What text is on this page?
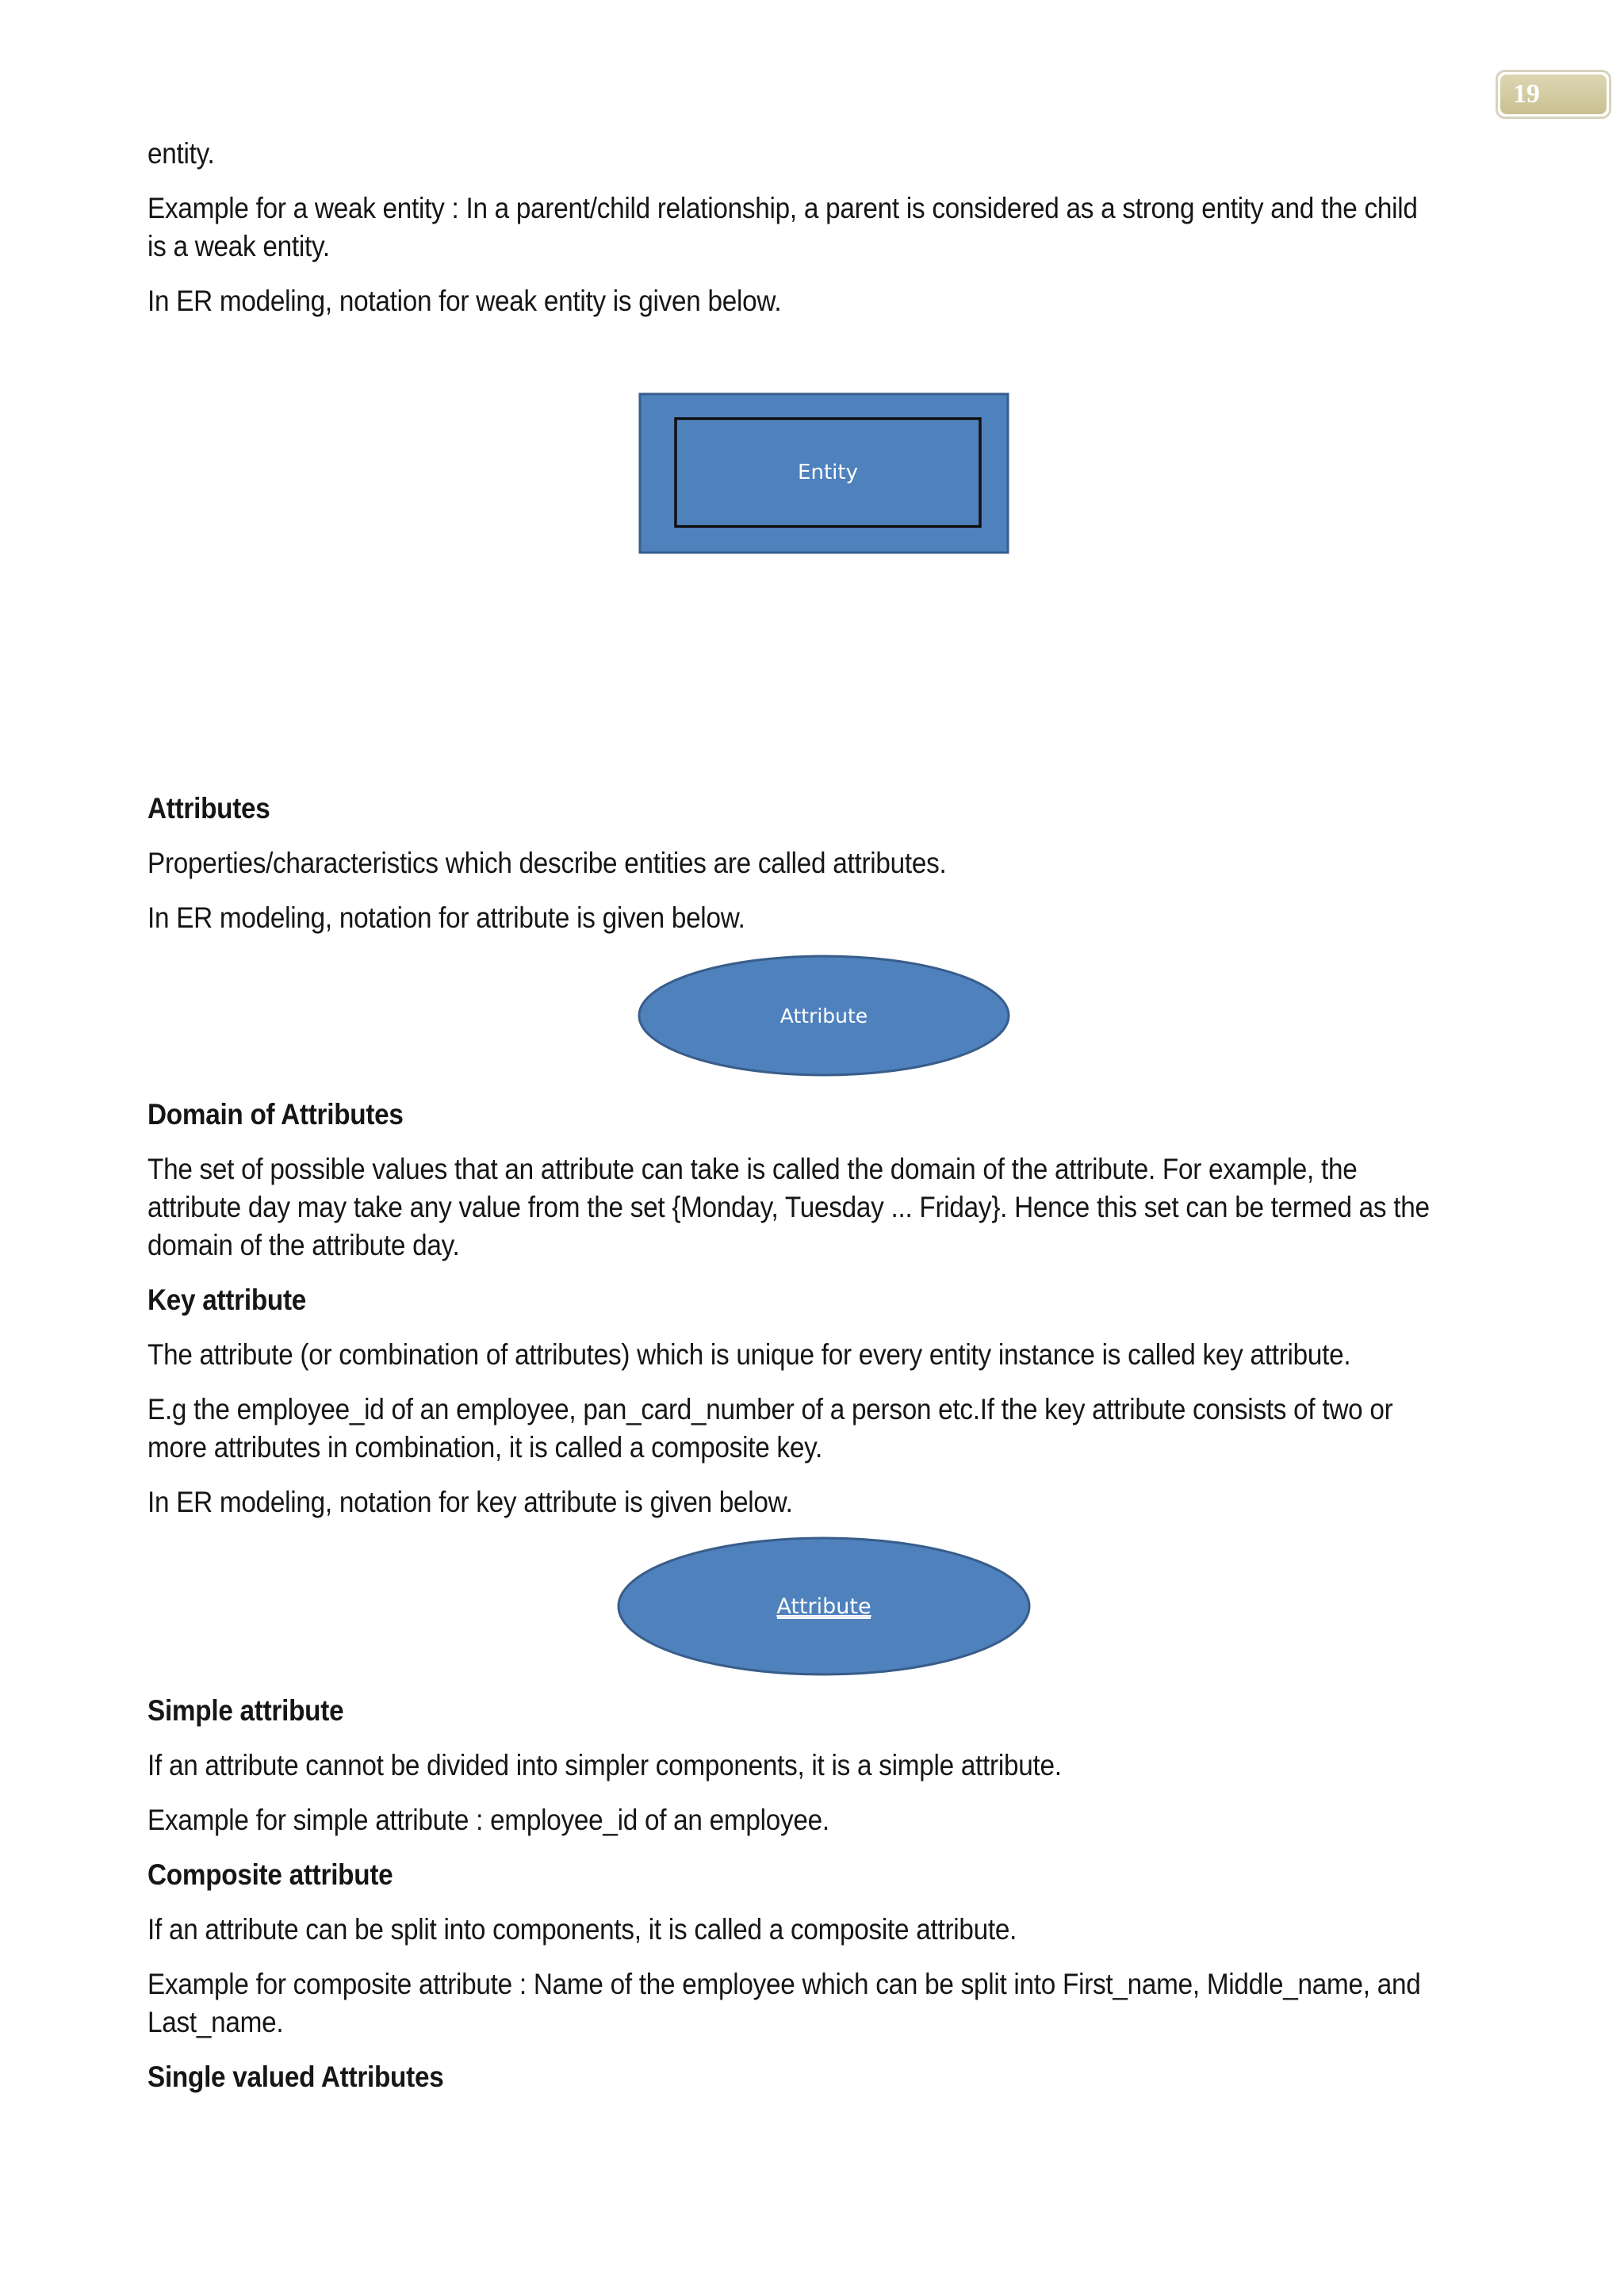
19

entity.

Example for a weak entity : In a parent/child relationship, a parent is considered as a strong entity and the child

is a weak entity.

In ER modeling, notation for weak entity is given below.

Entity

Attributes

Properties/characteristics which describe entities are called attributes.

In ER modeling, notation for attribute is given below.

Attribute

Domain of Attributes

The set of possible values that an attribute can take is called the domain of the attribute. For example, the

attribute day may take any value from the set {Monday, Tuesday ... Friday}. Hence this set can be termed as the

domain of the attribute day.

Key attribute

The attribute (or combination of attributes) which is unique for every entity instance is called key attribute.

E.g the employee_id of an employee, pan_card_number of a person etc.If the key attribute consists of two or

more attributes in combination, it is called a composite key.

In ER modeling, notation for key attribute is given below.

Attribute

Simple attribute

If an attribute cannot be divided into simpler components, it is a simple attribute.

Example for simple attribute : employee_id of an employee.

Composite attribute

If an attribute can be split into components, it is called a composite attribute.

Example for composite attribute : Name of the employee which can be split into First_name, Middle_name, and

Last_name.

Single valued Attributes
